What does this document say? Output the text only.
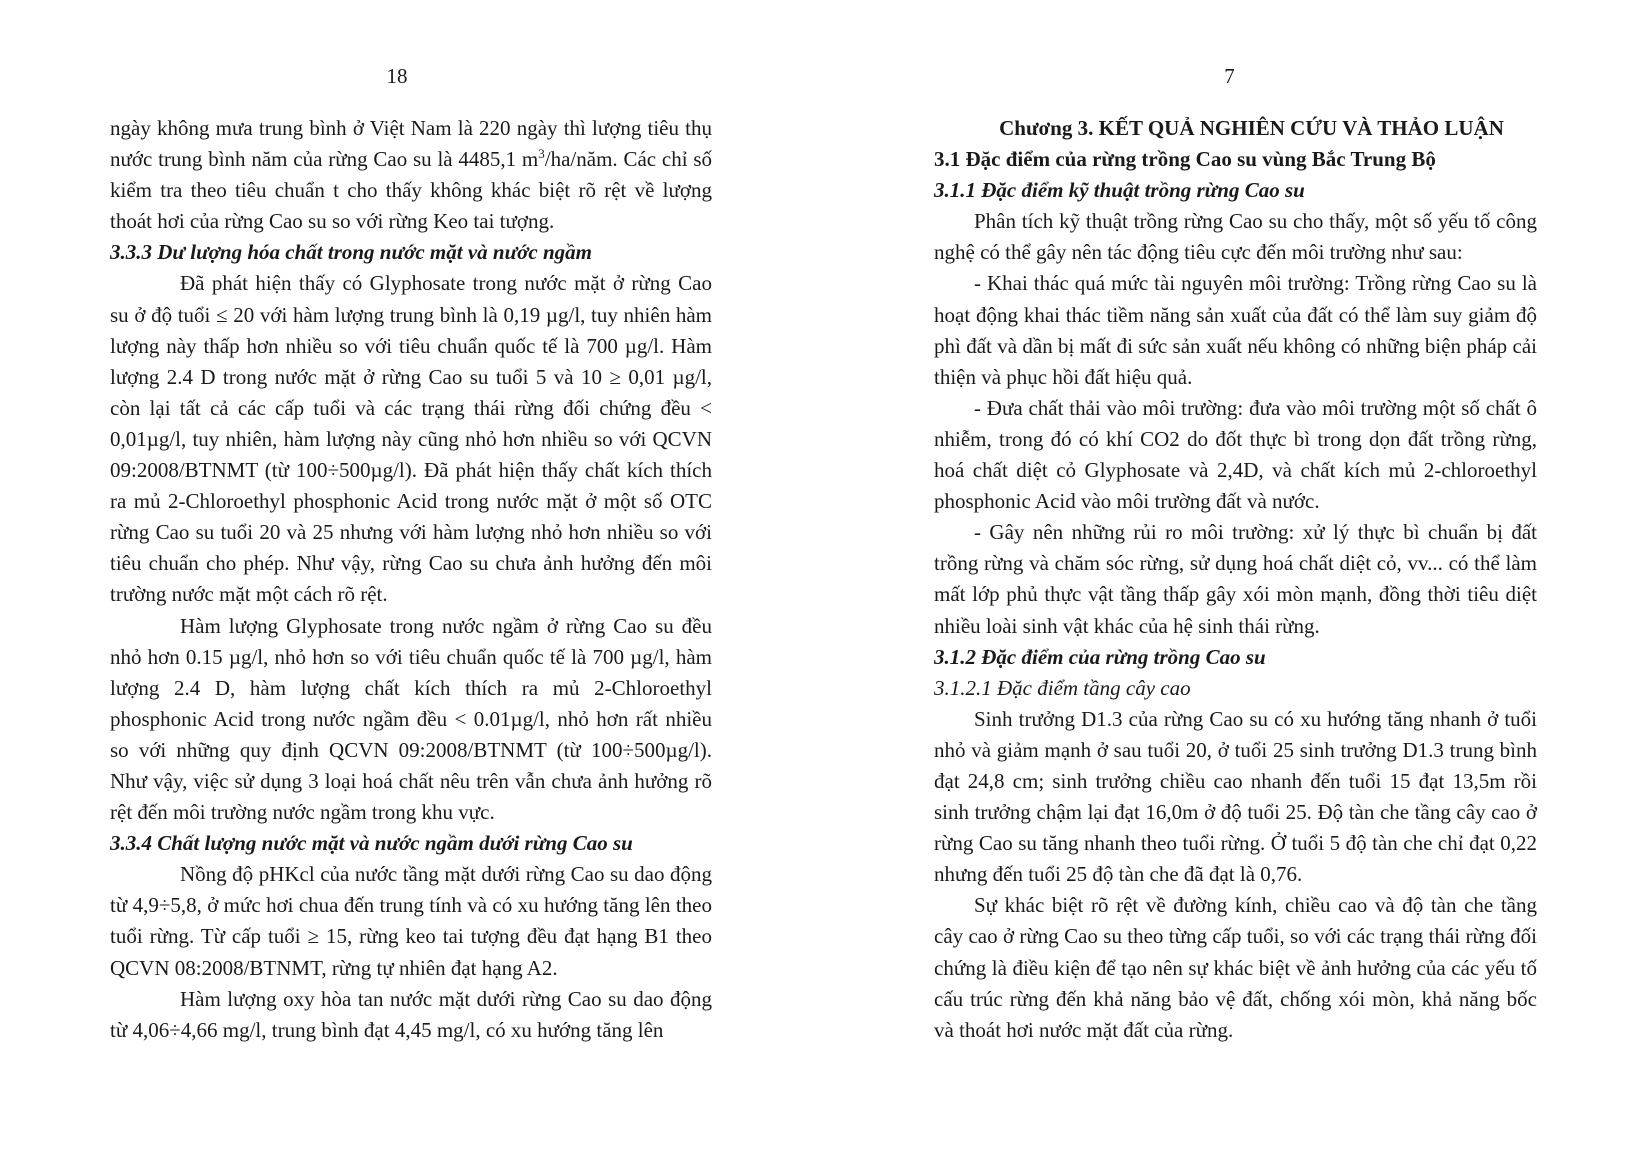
18

ngày không mưa trung bình ở Việt Nam là 220 ngày thì lượng tiêu thụ nước trung bình năm của rừng Cao su là 4485,1 $m^3/ha$/năm. Các chỉ số kiểm tra theo tiêu chuẩn t cho thấy không khác biệt rõ rệt về lượng thoát hơi của rừng Cao su so với rừng Keo tai tượng.

3.3.3 Dư lượng hóa chất trong nước mặt và nước ngầm

Đã phát hiện thấy có Glyphosate trong nước mặt ở rừng Cao su ở độ tuổi ≤ 20 với hàm lượng trung bình là 0,19 µg/l, tuy nhiên hàm lượng này thấp hơn nhiều so với tiêu chuẩn quốc tế là 700 µg/l. Hàm lượng 2.4 D trong nước mặt ở rừng Cao su tuổi 5 và 10 ≥ 0,01 µg/l, còn lại tất cả các cấp tuổi và các trạng thái rừng đối chứng đều < 0,01µg/l, tuy nhiên, hàm lượng này cũng nhỏ hơn nhiều so với QCVN 09:2008/BTNMT (từ 100÷500µg/l). Đã phát hiện thấy chất kích thích ra mủ 2-Chloroethyl phosphonic Acid trong nước mặt ở một số OTC rừng Cao su tuổi 20 và 25 nhưng với hàm lượng nhỏ hơn nhiều so với tiêu chuẩn cho phép. Như vậy, rừng Cao su chưa ảnh hưởng đến môi trường nước mặt một cách rõ rệt.

Hàm lượng Glyphosate trong nước ngầm ở rừng Cao su đều nhỏ hơn 0.15 µg/l, nhỏ hơn so với tiêu chuẩn quốc tế là 700 µg/l, hàm lượng 2.4 D, hàm lượng chất kích thích ra mủ 2-Chloroethyl phosphonic Acid trong nước ngầm đều < 0.01µg/l, nhỏ hơn rất nhiều so với những quy định QCVN 09:2008/BTNMT (từ 100÷500µg/l). Như vậy, việc sử dụng 3 loại hoá chất nêu trên vẫn chưa ảnh hưởng rõ rệt đến môi trường nước ngầm trong khu vực.

3.3.4 Chất lượng nước mặt và nước ngầm dưới rừng Cao su

Nồng độ pHKcl của nước tầng mặt dưới rừng Cao su dao động từ 4,9÷5,8, ở mức hơi chua đến trung tính và có xu hướng tăng lên theo tuổi rừng. Từ cấp tuổi ≥ 15, rừng keo tai tượng đều đạt hạng B1 theo QCVN 08:2008/BTNMT, rừng tự nhiên đạt hạng A2.

Hàm lượng oxy hòa tan nước mặt dưới rừng Cao su dao động từ 4,06÷4,66 mg/l, trung bình đạt 4,45 mg/l, có xu hướng tăng lên

7

Chương 3. KẾT QUẢ NGHIÊN CỨU VÀ THẢO LUẬN

3.1 Đặc điểm của rừng trồng Cao su vùng Bắc Trung Bộ

3.1.1 Đặc điểm kỹ thuật trồng rừng Cao su

Phân tích kỹ thuật trồng rừng Cao su cho thấy, một số yếu tố công nghệ có thể gây nên tác động tiêu cực đến môi trường như sau:

- Khai thác quá mức tài nguyên môi trường: Trồng rừng Cao su là hoạt động khai thác tiềm năng sản xuất của đất có thể làm suy giảm độ phì đất và dần bị mất đi sức sản xuất nếu không có những biện pháp cải thiện và phục hồi đất hiệu quả.

- Đưa chất thải vào môi trường: đưa vào môi trường một số chất ô nhiễm, trong đó có khí CO2 do đốt thực bì trong dọn đất trồng rừng, hoá chất diệt cỏ Glyphosate và 2,4D, và chất kích mủ 2-chloroethyl phosphonic Acid vào môi trường đất và nước.

- Gây nên những rủi ro môi trường: xử lý thực bì chuẩn bị đất trồng rừng và chăm sóc rừng, sử dụng hoá chất diệt cỏ, vv... có thể làm mất lớp phủ thực vật tầng thấp gây xói mòn mạnh, đồng thời tiêu diệt nhiều loài sinh vật khác của hệ sinh thái rừng.

3.1.2 Đặc điểm của rừng trồng Cao su

3.1.2.1 Đặc điểm tầng cây cao

Sinh trưởng D1.3 của rừng Cao su có xu hướng tăng nhanh ở tuổi nhỏ và giảm mạnh ở sau tuổi 20, ở tuổi 25 sinh trưởng D1.3 trung bình đạt 24,8 cm; sinh trưởng chiều cao nhanh đến tuổi 15 đạt 13,5m rồi sinh trưởng chậm lại đạt 16,0m ở độ tuổi 25. Độ tàn che tầng cây cao ở rừng Cao su tăng nhanh theo tuổi rừng. Ở tuổi 5 độ tàn che chỉ đạt 0,22 nhưng đến tuổi 25 độ tàn che đã đạt là 0,76.

Sự khác biệt rõ rệt về đường kính, chiều cao và độ tàn che tầng cây cao ở rừng Cao su theo từng cấp tuổi, so với các trạng thái rừng đối chứng là điều kiện để tạo nên sự khác biệt về ảnh hưởng của các yếu tố cấu trúc rừng đến khả năng bảo vệ đất, chống xói mòn, khả năng bốc và thoát hơi nước mặt đất của rừng.
